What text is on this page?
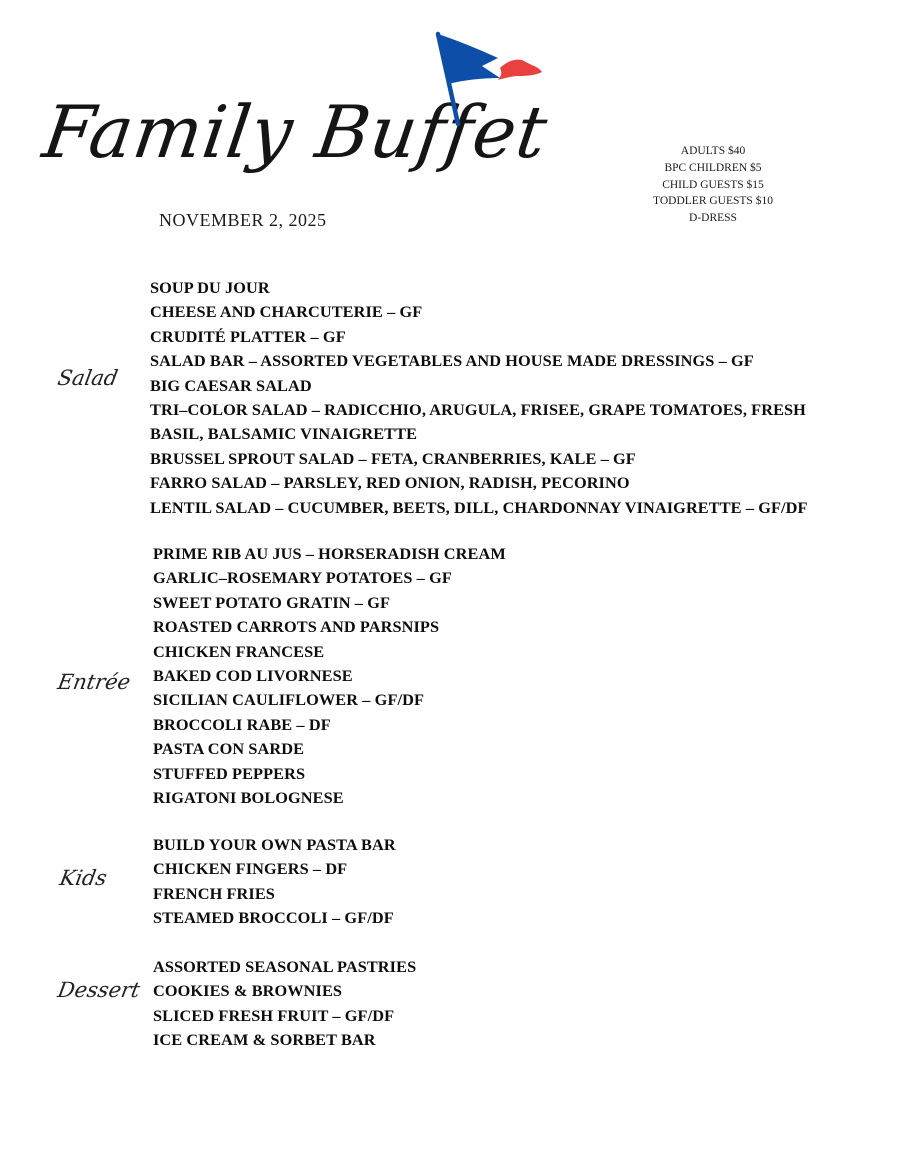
Family Buffet
NOVEMBER 2, 2025
ADULTS $40
BPC CHILDREN $5
CHILD GUESTS $15
TODDLER GUESTS $10
D-DRESS
Salad
SOUP DU JOUR
CHEESE AND CHARCUTERIE – GF
CRUDITÉ PLATTER – GF
SALAD BAR – ASSORTED VEGETABLES AND HOUSE MADE DRESSINGS – GF
BIG CAESAR SALAD
TRI–COLOR SALAD – RADICCHIO, ARUGULA, FRISEE, GRAPE TOMATOES, FRESH
BASIL, BALSAMIC VINAIGRETTE
BRUSSEL SPROUT SALAD – FETA, CRANBERRIES, KALE – GF
FARRO SALAD – PARSLEY, RED ONION, RADISH, PECORINO
LENTIL SALAD – CUCUMBER, BEETS, DILL, CHARDONNAY VINAIGRETTE – GF/DF
Entrée
PRIME RIB AU JUS – HORSERADISH CREAM
GARLIC–ROSEMARY POTATOES – GF
SWEET POTATO GRATIN – GF
ROASTED CARROTS AND PARSNIPS
CHICKEN FRANCESE
BAKED COD LIVORNESE
SICILIAN CAULIFLOWER – GF/DF
BROCCOLI RABE – DF
PASTA CON SARDE
STUFFED PEPPERS
RIGATONI BOLOGNESE
Kids
BUILD YOUR OWN PASTA BAR
CHICKEN FINGERS – DF
FRENCH FRIES
STEAMED BROCCOLI – GF/DF
Dessert
ASSORTED SEASONAL PASTRIES
COOKIES & BROWNIES
SLICED FRESH FRUIT – GF/DF
ICE CREAM & SORBET BAR
